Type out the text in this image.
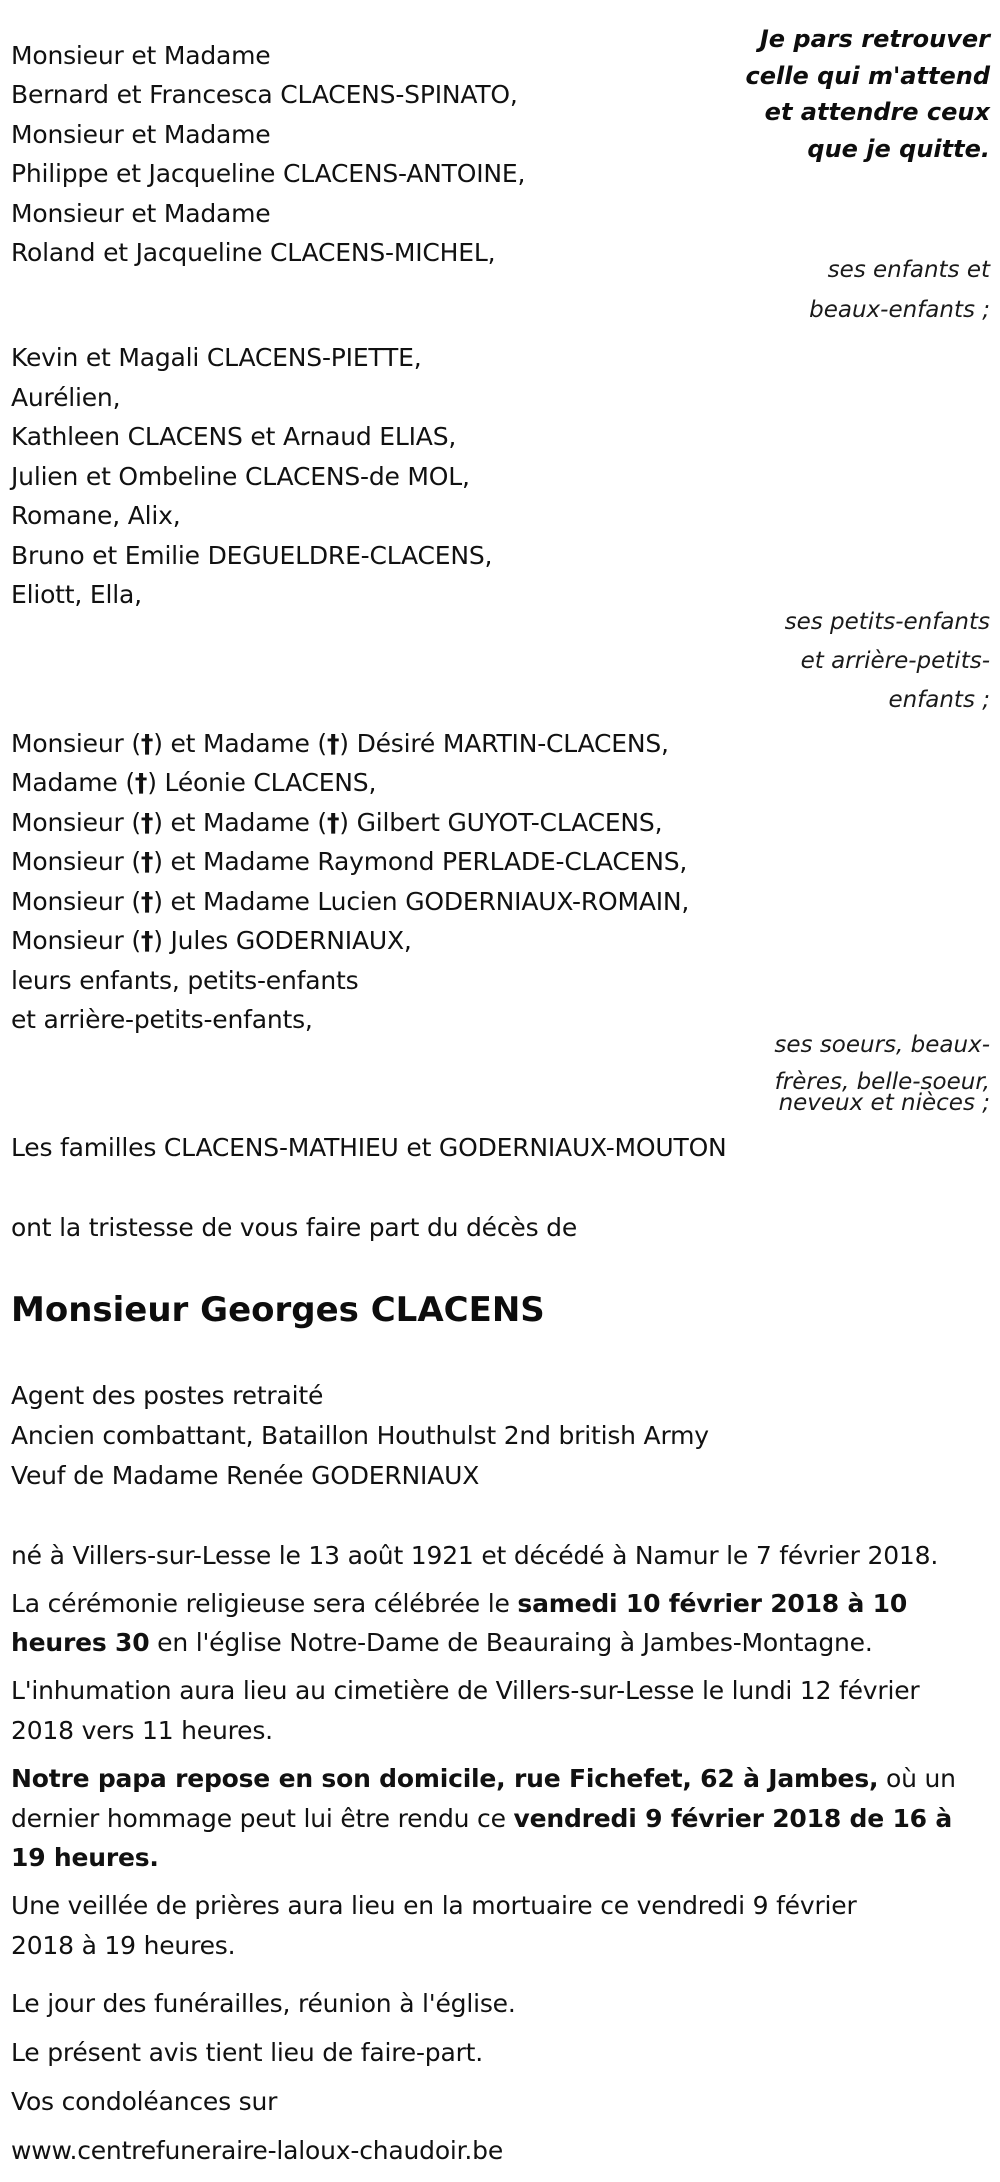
Je pars retrouver
celle qui m'attend
et attendre ceux
que je quitte.
Monsieur et Madame
Bernard et Francesca CLACENS-SPINATO,
Monsieur et Madame
Philippe et Jacqueline CLACENS-ANTOINE,
Monsieur et Madame
Roland et Jacqueline CLACENS-MICHEL,
ses enfants et
beaux-enfants ;
Kevin et Magali CLACENS-PIETTE,
Aurélien,
Kathleen CLACENS et Arnaud ELIAS,
Julien et Ombeline CLACENS-de MOL,
Romane, Alix,
Bruno et Emilie DEGUELDRE-CLACENS,
Eliott, Ella,
ses petits-enfants
et arrière-petits-
enfants ;
Monsieur (†) et Madame (†) Désiré MARTIN-CLACENS,
Madame (†) Léonie CLACENS,
Monsieur (†) et Madame (†) Gilbert GUYOT-CLACENS,
Monsieur (†) et Madame Raymond PERLADE-CLACENS,
Monsieur (†) et Madame Lucien GODERNIAUX-ROMAIN,
Monsieur (†) Jules GODERNIAUX,
leurs enfants, petits-enfants
et arrière-petits-enfants,
ses soeurs, beaux-
frères, belle-soeur,
neveux et nièces ;
Les familles CLACENS-MATHIEU et GODERNIAUX-MOUTON
ont la tristesse de vous faire part du décès de
Monsieur Georges CLACENS
Agent des postes retraité
Ancien combattant, Bataillon Houthulst 2nd british Army
Veuf de Madame Renée GODERNIAUX
né à Villers-sur-Lesse le 13 août 1921 et décédé à Namur le 7 février 2018.
La cérémonie religieuse sera célébrée le samedi 10 février 2018 à 10
heures 30 en l'église Notre-Dame de Beauraing à Jambes-Montagne.
L'inhumation aura lieu au cimetière de Villers-sur-Lesse le lundi 12 février
2018 vers 11 heures.
Notre papa repose en son domicile, rue Fichefet, 62 à Jambes, où un
dernier hommage peut lui être rendu ce vendredi 9 février 2018 de 16 à
19 heures.
Une veillée de prières aura lieu en la mortuaire ce vendredi 9 février
2018 à 19 heures.
Le jour des funérailles, réunion à l'église.
Le présent avis tient lieu de faire-part.
Vos condoléances sur
www.centrefuneraire-laloux-chaudoir.be
